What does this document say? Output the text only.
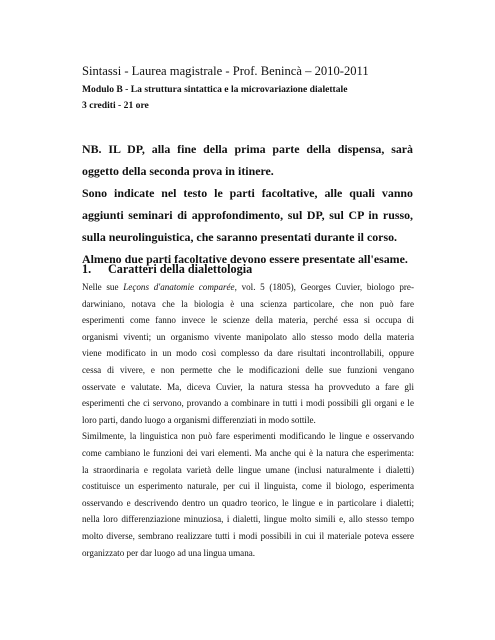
Sintassi - Laurea magistrale - Prof. Benincà – 2010-2011
Modulo B - La struttura sintattica e la microvariazione dialettale
3 crediti - 21 ore

NB. IL DP, alla fine della prima parte della dispensa, sarà oggetto della seconda prova in itinere.

Sono indicate nel testo le parti facoltative, alle quali vanno aggiunti seminari di approfondimento, sul DP, sul CP in russo, sulla neurolinguistica, che saranno presentati durante il corso.

Almeno due parti facoltative devono essere presentate all'esame.

1. Caratteri della dialettologia

Nelle sue Leçons d'anatomie comparée, vol. 5 (1805), Georges Cuvier, biologo pre-
darwiniano, notava che la biologia è una scienza particolare, che non può fare
esperimenti come fanno invece le scienze della materia, perché essa si occupa di
organismi viventi; un organismo vivente manipolato allo stesso modo della materia
viene modificato in un modo così complesso da dare risultati incontrollabili, oppure
cessa di vivere, e non permette che le modificazioni delle sue funzioni vengano
osservate e valutate. Ma, diceva Cuvier, la natura stessa ha provveduto a fare gli
esperimenti che ci servono, provando a combinare in tutti i modi possibili gli organi e le
loro parti, dando luogo a organismi differenziati in modo sottile.

Similmente, la linguistica non può fare esperimenti modificando le lingue e osservando
come cambiano le funzioni dei vari elementi. Ma anche qui è la natura che esperimenta:
la straordinaria e regolata varietà delle lingue umane (inclusi naturalmente i dialetti)
costituisce un esperimento naturale, per cui il linguista, come il biologo, esperimenta
osservando e descrivendo dentro un quadro teorico, le lingue e in particolare i dialetti;
nella loro differenziazione minuziosa, i dialetti, lingue molto simili e, allo stesso tempo
molto diverse, sembrano realizzare tutti i modi possibili in cui il materiale poteva essere
organizzato per dar luogo ad una lingua umana.
